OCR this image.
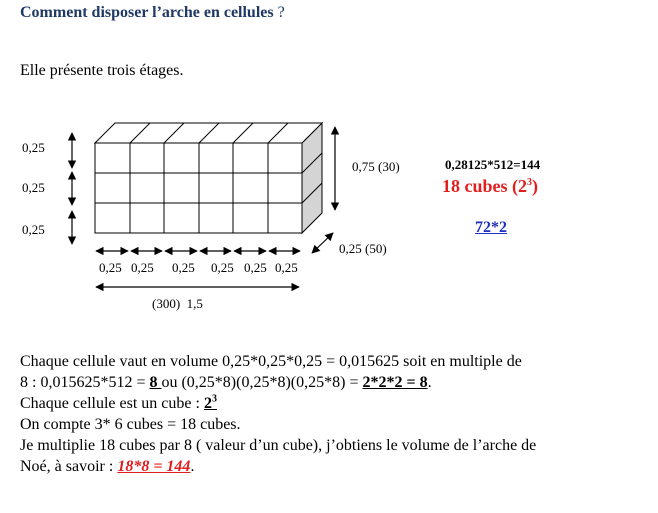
Comment disposer l’arche en cellules ?
Elle présente trois étages.
0,25
0,25
0,25
0,75 (30)
0,25 (50)
0,25 0,25 0,25 0,25 0,25 0,25
(300)  1,5
0,28125*512=144
18 cubes $(2^3)$
72*2
Chaque cellule vaut en volume 0,25*0,25*0,25 = 0,015625 soit en multiple de
8 : 0,015625*512 = 8 ou (0,25*8)(0,25*8)(0,25*8) = 2*2*2 = 8.
Chaque cellule est un cube : $2^3$
On compte 3* 6 cubes = 18 cubes.
Je multiplie 18 cubes par 8 ( valeur d’un cube), j’obtiens le volume de l’arche de
Noé, à savoir : 18*8 = 144.
